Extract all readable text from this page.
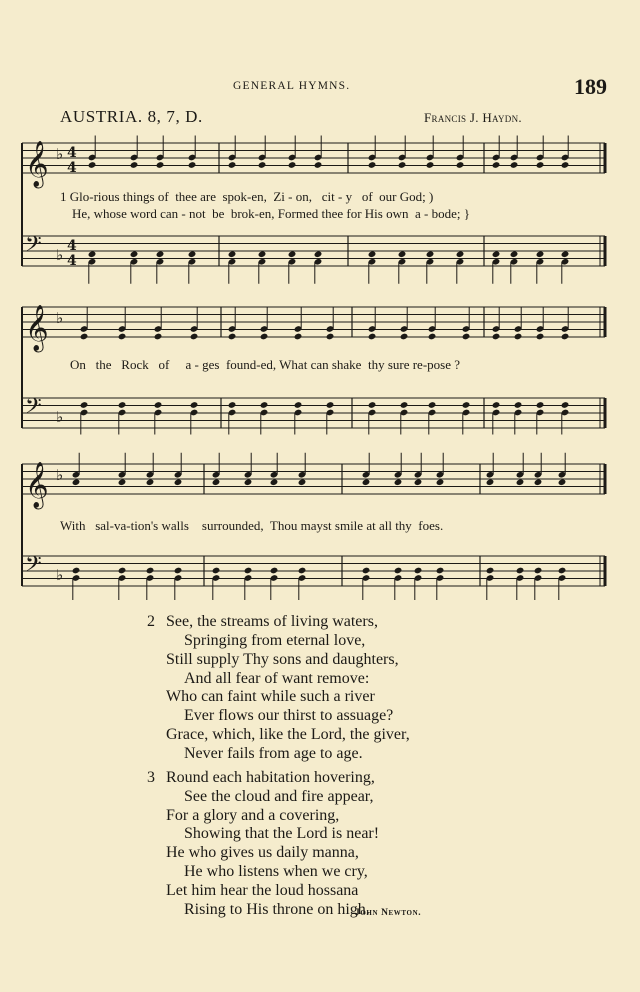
GENERAL HYMNS.	189
AUSTRIA. 8, 7, D.	Francis J. Haydn.
𝄞 ♭ 4
4
𝄢 ♭ 4
4
𝄞 ♭
𝄢 ♭
𝄞 ♭
𝄢 ♭
1 Glo-rious things of  thee are  spok-en,  Zi - on,   cit - y   of  our God; )
He, whose word can - not  be  brok-en, Formed thee for His own  a - bode; }
On   the   Rock   of     a - ges  found-ed, What can shake  thy sure re-pose ?
With   sal-va-tion's walls    surrounded,  Thou mayst smile at all thy  foes.
2 See, the streams of living waters,
Springing from eternal love,
Still supply Thy sons and daughters,
And all fear of want remove:
Who can faint while such a river
Ever flows our thirst to assuage?
Grace, which, like the Lord, the giver,
Never fails from age to age.
3 Round each habitation hovering,
See the cloud and fire appear,
For a glory and a covering,
Showing that the Lord is near!
He who gives us daily manna,
He who listens when we cry,
Let him hear the loud hossana
Rising to His throne on high.
John Newton.
